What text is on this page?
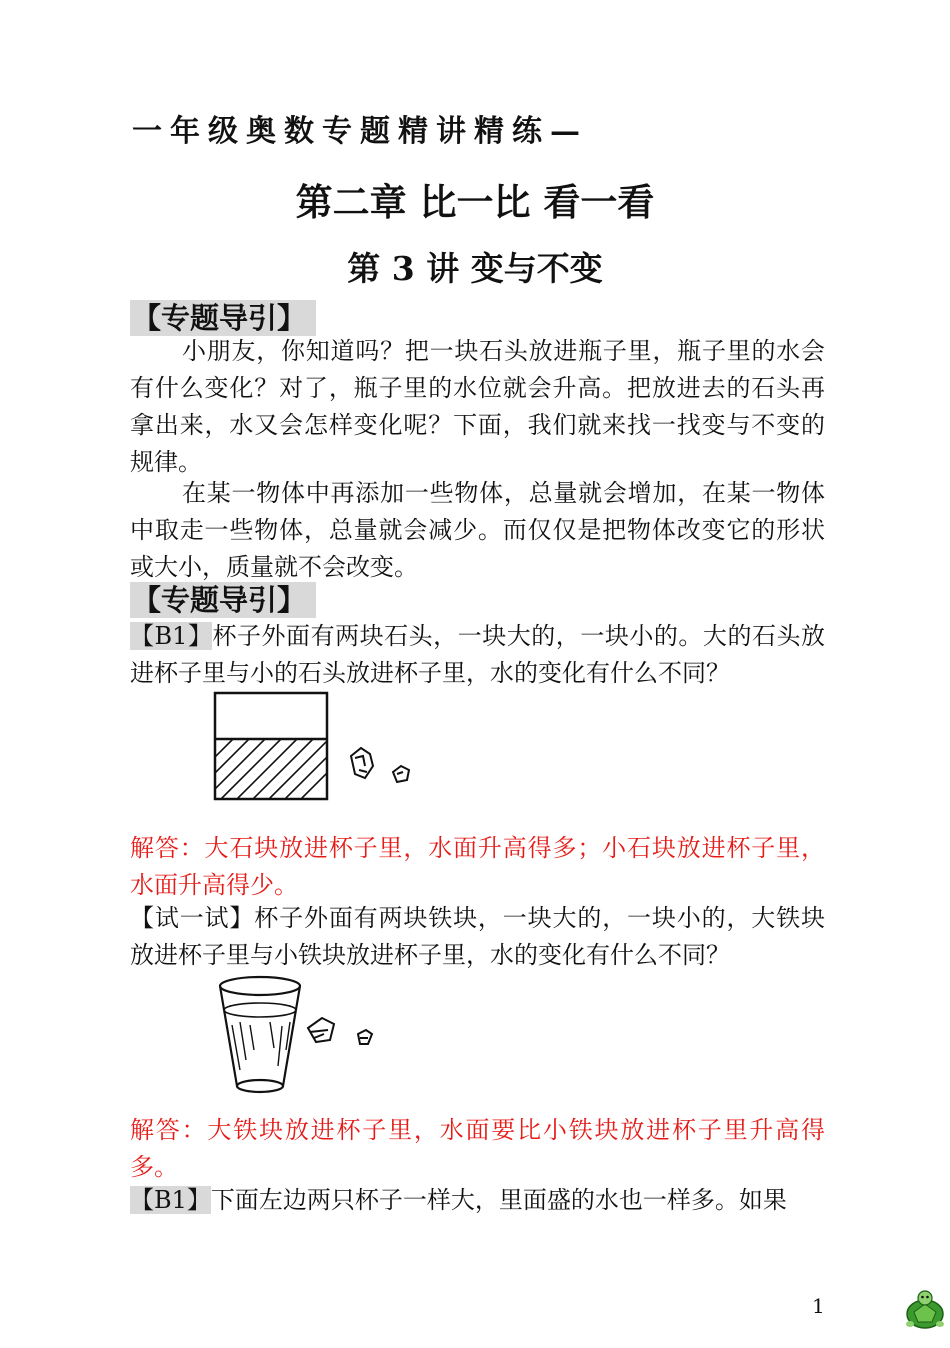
一年级奥数专题精讲精练—
第二章 比一比 看一看
第 3 讲 变与不变
【专题导引】
小朋友，你知道吗？把一块石头放进瓶子里，瓶子里的水会有什么变化？对了，瓶子里的水位就会升高。把放进去的石头再拿出来，水又会怎样变化呢？下面，我们就来找一找变与不变的规律。
在某一物体中再添加一些物体，总量就会增加，在某一物体中取走一些物体，总量就会减少。而仅仅是把物体改变它的形状或大小，质量就不会改变。
【专题导引】
【B1】杯子外面有两块石头，一块大的，一块小的。大的石头放进杯子里与小的石头放进杯子里，水的变化有什么不同？
解答：大石块放进杯子里，水面升高得多；小石块放进杯子里，水面升高得少。
【试一试】杯子外面有两块铁块，一块大的，一块小的，大铁块放进杯子里与小铁块放进杯子里，水的变化有什么不同？
解答：大铁块放进杯子里，水面要比小铁块放进杯子里升高得多。
【B1】下面左边两只杯子一样大，里面盛的水也一样多。如果
1
